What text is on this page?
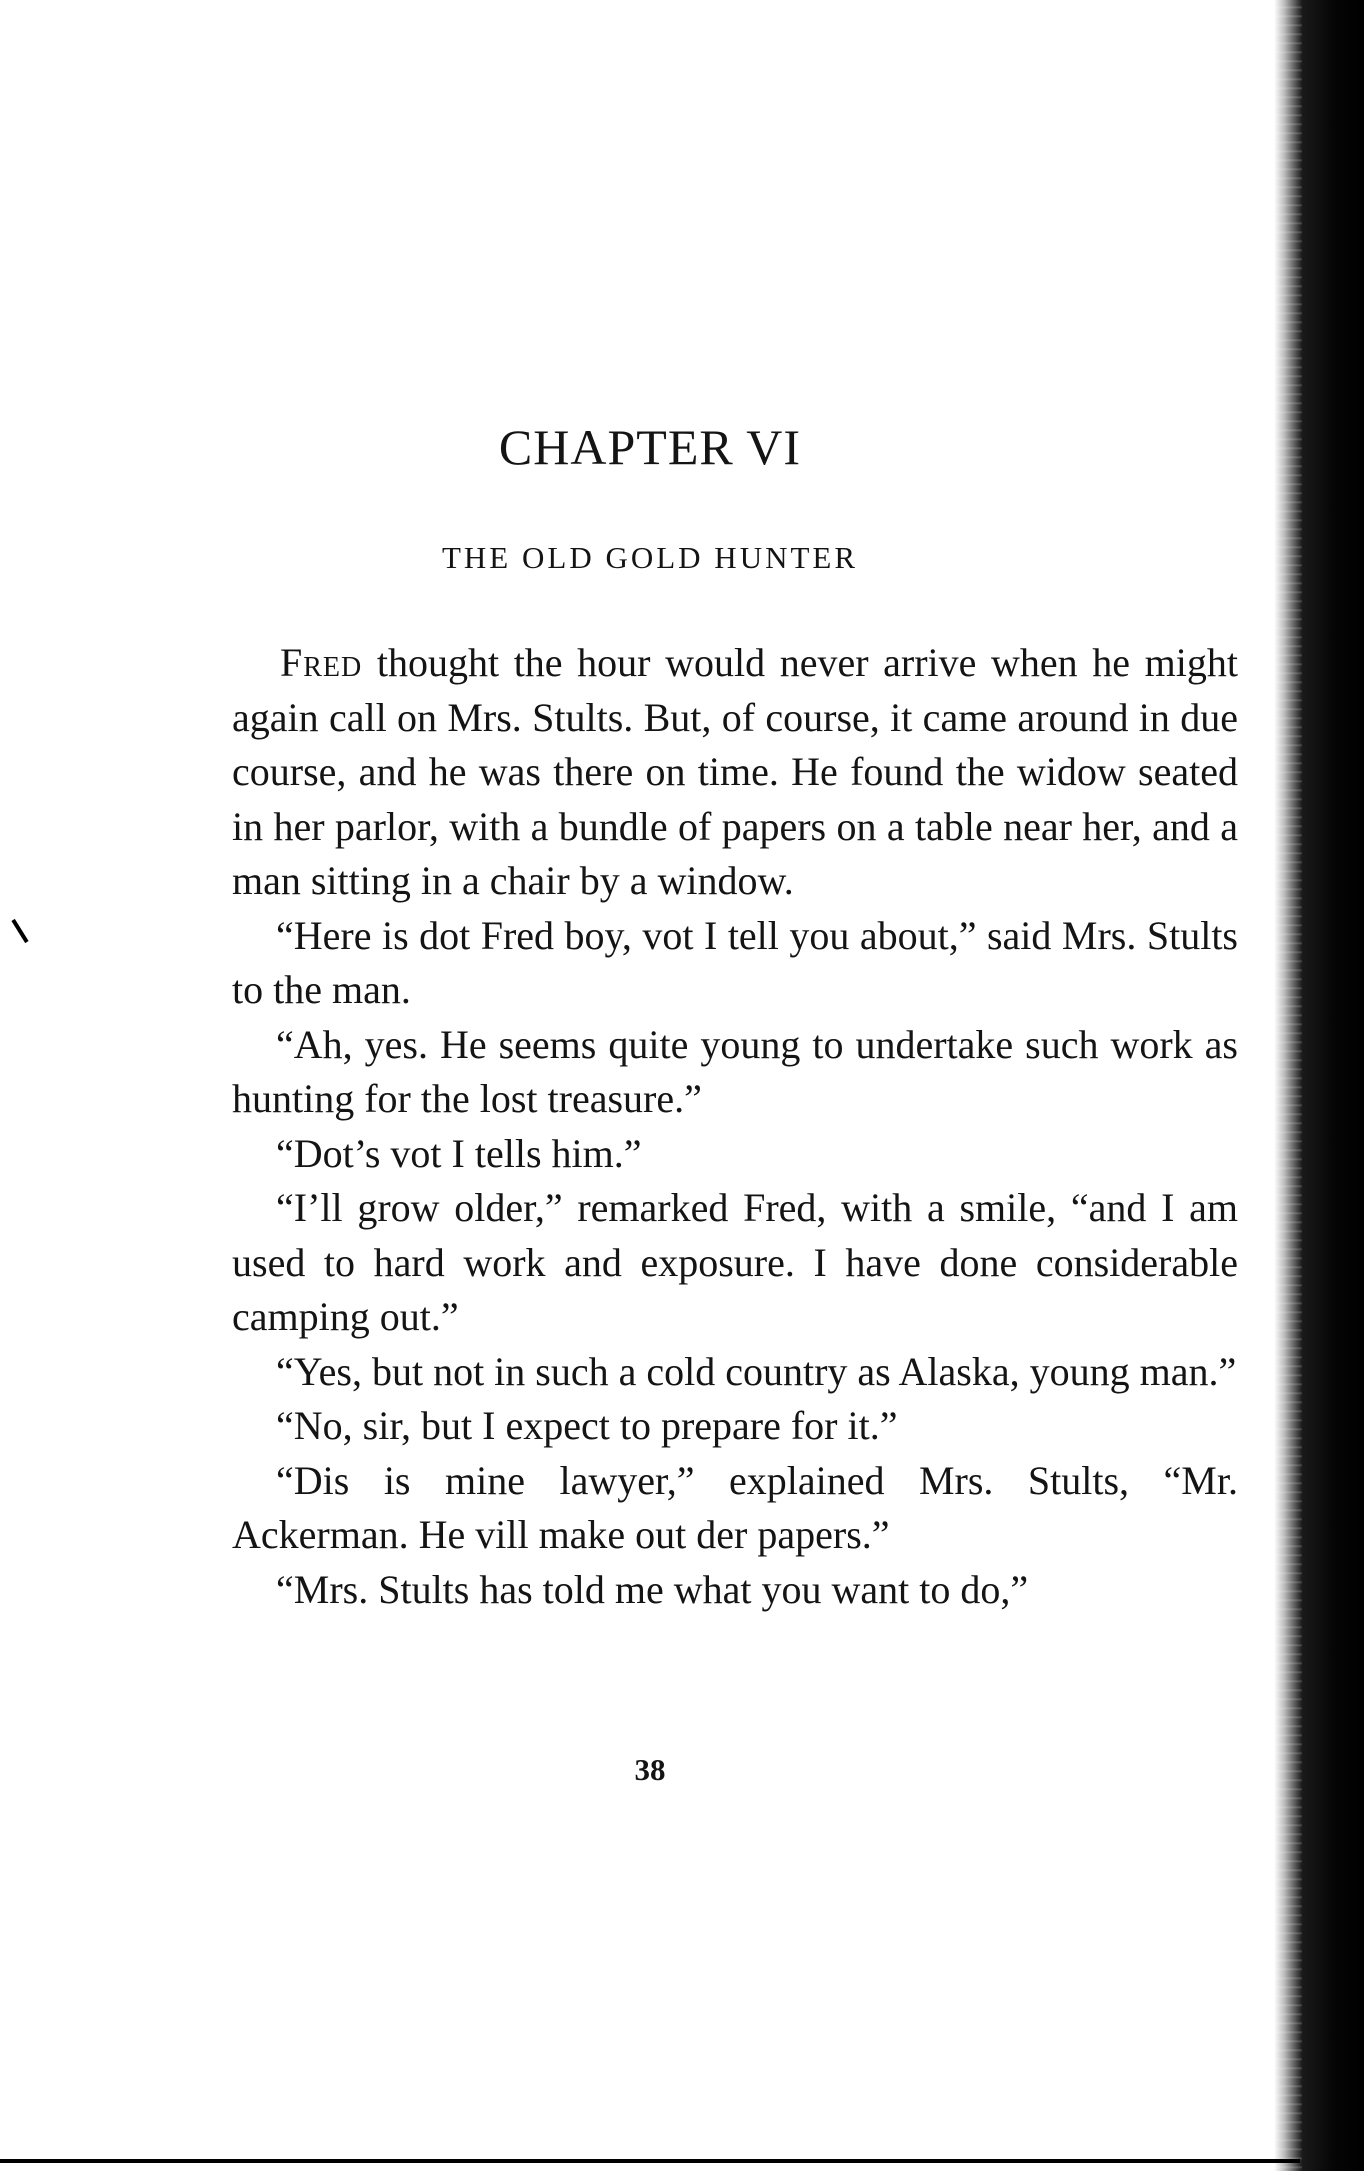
CHAPTER VI
THE OLD GOLD HUNTER

Fred thought the hour would never arrive when he might again call on Mrs. Stults. But, of course, it came around in due course, and he was there on time. He found the widow seated in her parlor, with a bundle of papers on a table near her, and a man sitting in a chair by a window.

“Here is dot Fred boy, vot I tell you about,” said Mrs. Stults to the man.

“Ah, yes. He seems quite young to undertake such work as hunting for the lost treasure.”

“Dot’s vot I tells him.”

“I’ll grow older,” remarked Fred, with a smile, “and I am used to hard work and exposure. I have done considerable camping out.”

“Yes, but not in such a cold country as Alaska, young man.”

“No, sir, but I expect to prepare for it.”

“Dis is mine lawyer,” explained Mrs. Stults, “Mr. Ackerman. He vill make out der papers.”

“Mrs. Stults has told me what you want to do,”

38
